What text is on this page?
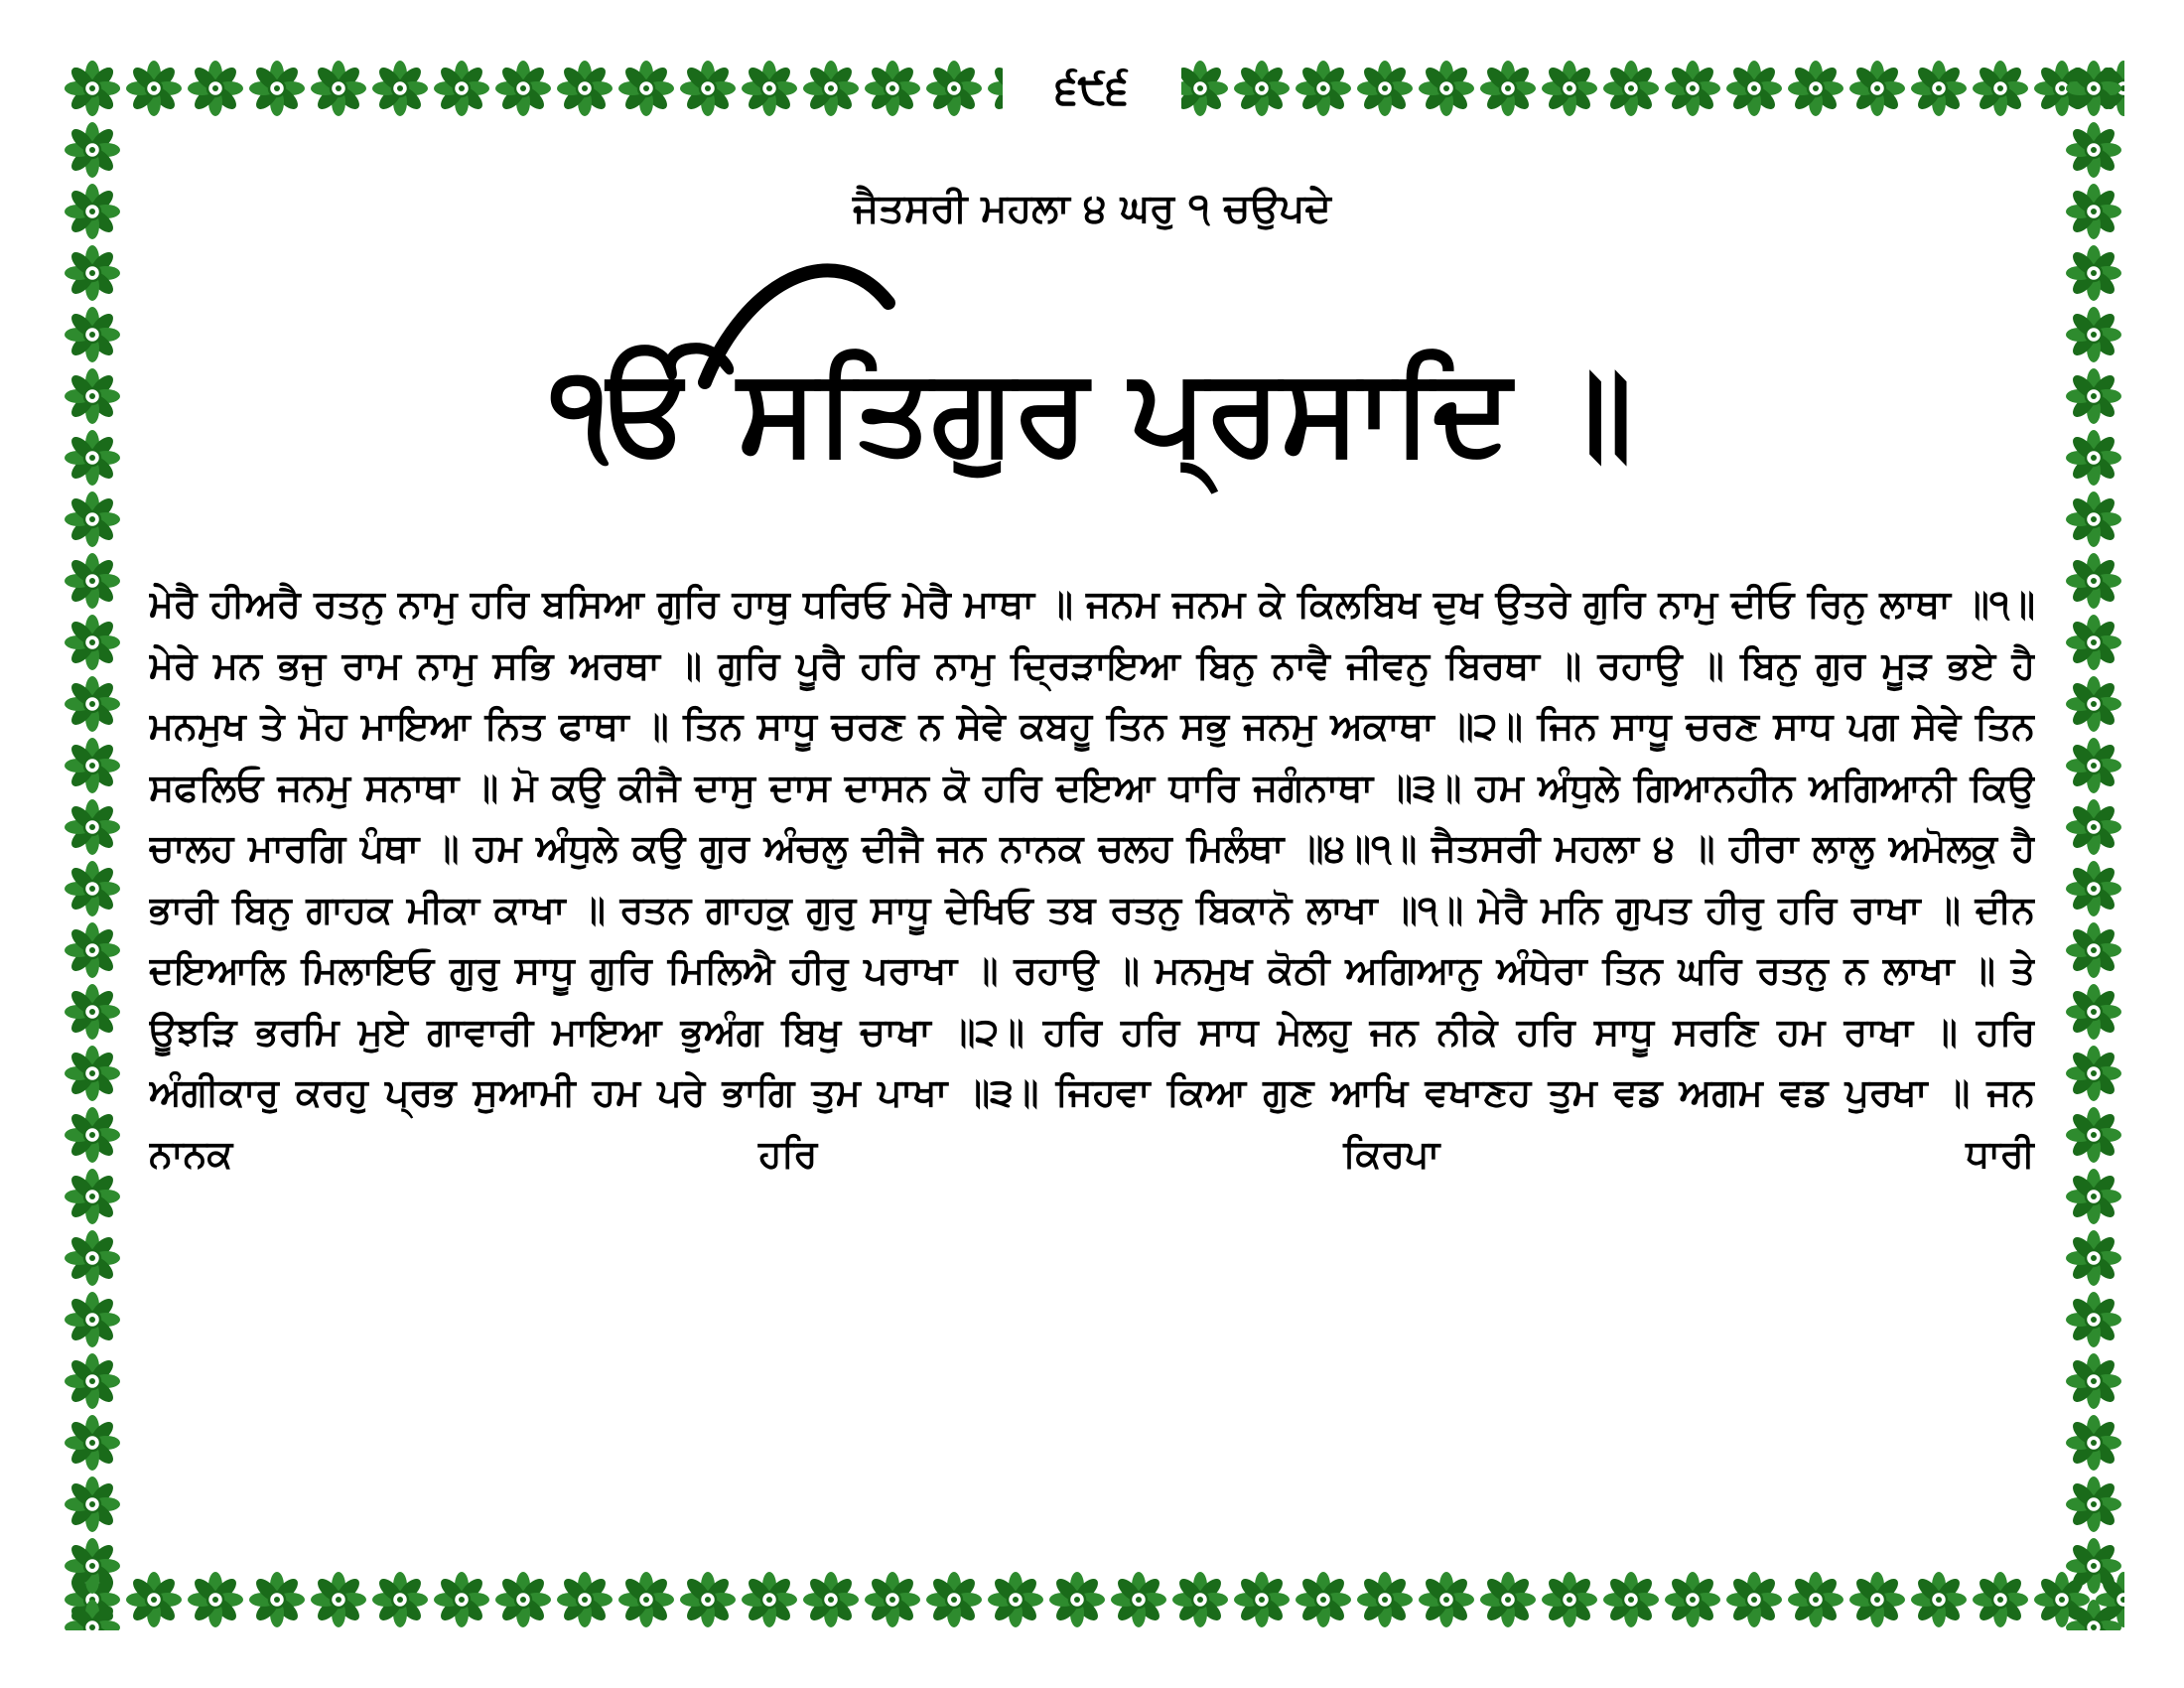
੬੯੬
ਜੈਤਸਰੀ ਮਹਲਾ ੪ ਘਰੁ ੧ ਚਉਪਦੇ
ੴ ਸਤਿਗੁਰ ਪ੍ਰਸਾਦਿ ॥
ਮੇਰੈ ਹੀਅਰੈ ਰਤਨੁ ਨਾਮੁ ਹਰਿ ਬਸਿਆ ਗੁਰਿ ਹਾਥੁ ਧਰਿਓ ਮੇਰੈ ਮਾਥਾ ॥ ਜਨਮ ਜਨਮ ਕੇ ਕਿਲਬਿਖ ਦੁਖ ਉਤਰੇ ਗੁਰਿ ਨਾਮੁ ਦੀਓ ਰਿਨੁ ਲਾਥਾ ॥੧॥ ਮੇਰੇ ਮਨ ਭਜੁ ਰਾਮ ਨਾਮੁ ਸਭਿ ਅਰਥਾ ॥ ਗੁਰਿ ਪੂਰੈ ਹਰਿ ਨਾਮੁ ਦ੍ਰਿੜਾਇਆ ਬਿਨੁ ਨਾਵੈ ਜੀਵਨੁ ਬਿਰਥਾ ॥ ਰਹਾਉ ॥ ਬਿਨੁ ਗੁਰ ਮੂੜ ਭਏ ਹੈ ਮਨਮੁਖ ਤੇ ਮੋਹ ਮਾਇਆ ਨਿਤ ਫਾਥਾ ॥ ਤਿਨ ਸਾਧੂ ਚਰਣ ਨ ਸੇਵੇ ਕਬਹੂ ਤਿਨ ਸਭੁ ਜਨਮੁ ਅਕਾਥਾ ॥੨॥ ਜਿਨ ਸਾਧੂ ਚਰਣ ਸਾਧ ਪਗ ਸੇਵੇ ਤਿਨ ਸਫਲਿਓ ਜਨਮੁ ਸਨਾਥਾ ॥ ਮੋ ਕਉ ਕੀਜੈ ਦਾਸੁ ਦਾਸ ਦਾਸਨ ਕੋ ਹਰਿ ਦਇਆ ਧਾਰਿ ਜਗੰਨਾਥਾ ॥੩॥ ਹਮ ਅੰਧੁਲੇ ਗਿਆਨਹੀਨ ਅਗਿਆਨੀ ਕਿਉ ਚਾਲਹ ਮਾਰਗਿ ਪੰਥਾ ॥ ਹਮ ਅੰਧੁਲੇ ਕਉ ਗੁਰ ਅੰਚਲੁ ਦੀਜੈ ਜਨ ਨਾਨਕ ਚਲਹ ਮਿਲੰਥਾ ॥੪॥੧॥ ਜੈਤਸਰੀ ਮਹਲਾ ੪ ॥ ਹੀਰਾ ਲਾਲੁ ਅਮੋਲਕੁ ਹੈ ਭਾਰੀ ਬਿਨੁ ਗਾਹਕ ਮੀਕਾ ਕਾਖਾ ॥ ਰਤਨ ਗਾਹਕੁ ਗੁਰੁ ਸਾਧੂ ਦੇਖਿਓ ਤਬ ਰਤਨੁ ਬਿਕਾਨੋ ਲਾਖਾ ॥੧॥ ਮੇਰੈ ਮਨਿ ਗੁਪਤ ਹੀਰੁ ਹਰਿ ਰਾਖਾ ॥ ਦੀਨ ਦਇਆਲਿ ਮਿਲਾਇਓ ਗੁਰੁ ਸਾਧੂ ਗੁਰਿ ਮਿਲਿਐ ਹੀਰੁ ਪਰਾਖਾ ॥ ਰਹਾਉ ॥ ਮਨਮੁਖ ਕੋਠੀ ਅਗਿਆਨੁ ਅੰਧੇਰਾ ਤਿਨ ਘਰਿ ਰਤਨੁ ਨ ਲਾਖਾ ॥ ਤੇ ਊਝੜਿ ਭਰਮਿ ਮੁਏ ਗਾਵਾਰੀ ਮਾਇਆ ਭੁਅੰਗ ਬਿਖੁ ਚਾਖਾ ॥੨॥ ਹਰਿ ਹਰਿ ਸਾਧ ਮੇਲਹੁ ਜਨ ਨੀਕੇ ਹਰਿ ਸਾਧੂ ਸਰਣਿ ਹਮ ਰਾਖਾ ॥ ਹਰਿ ਅੰਗੀਕਾਰੁ ਕਰਹੁ ਪ੍ਰਭ ਸੁਆਮੀ ਹਮ ਪਰੇ ਭਾਗਿ ਤੁਮ ਪਾਖਾ ॥੩॥ ਜਿਹਵਾ ਕਿਆ ਗੁਣ ਆਖਿ ਵਖਾਣਹ ਤੁਮ ਵਡ ਅਗਮ ਵਡ ਪੁਰਖਾ ॥ ਜਨ ਨਾਨਕ ਹਰਿ ਕਿਰਪਾ ਧਾਰੀ
